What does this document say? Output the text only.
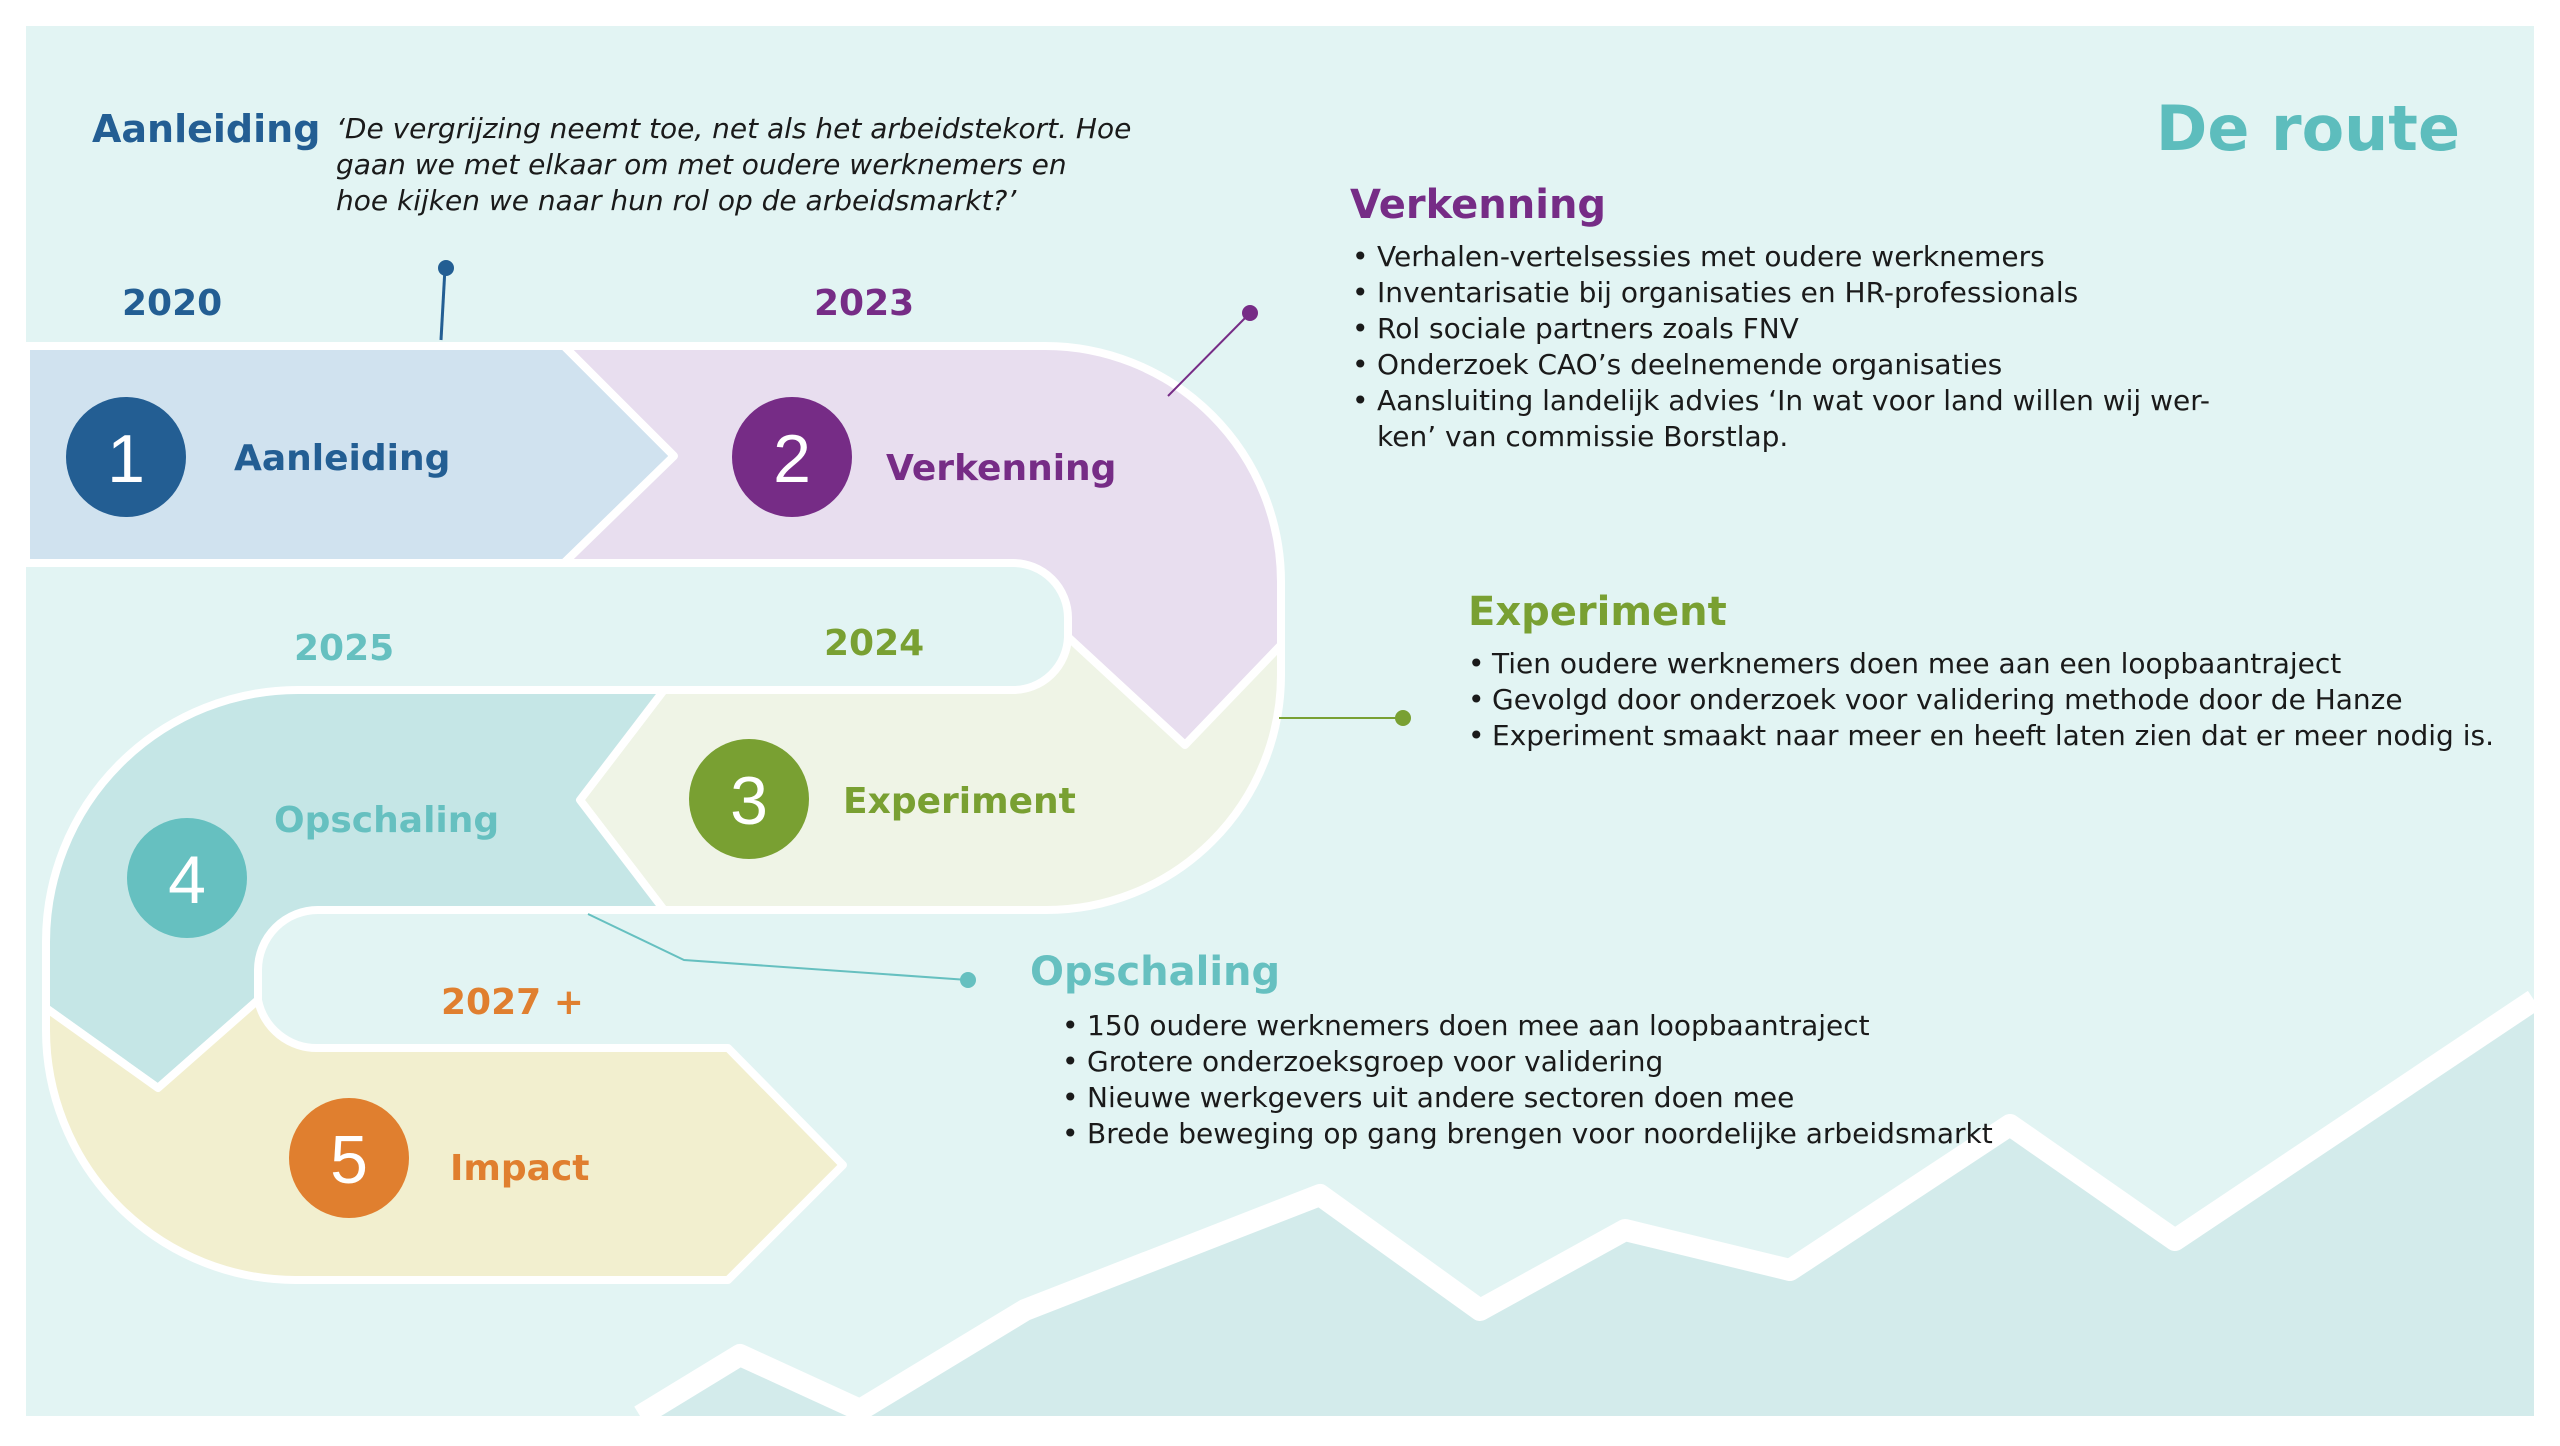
De route
Aanleiding ‘De vergrijzing neemt toe, net als het arbeidstekort. Hoe
gaan we met elkaar om met oudere werknemers en
hoe kijken we naar hun rol op de arbeidsmarkt?’
2020	2023
2024
2025
2027 +
1 Aanleiding	2 Verkenning
3 Experiment
4
Opschaling
5 Impact
Verkenning
• Verhalen-vertelsessies met oudere werknemers
• Inventarisatie bij organisaties en HR-professionals
• Rol sociale partners zoals FNV
• Onderzoek CAO’s deelnemende organisaties
• Aansluiting landelijk advies ‘In wat voor land willen wij wer-
ken’ van commissie Borstlap.
Experiment
• Tien oudere werknemers doen mee aan een loopbaantraject
• Gevolgd door onderzoek voor validering methode door de Hanze
• Experiment smaakt naar meer en heeft laten zien dat er meer nodig is.
Opschaling
• 150 oudere werknemers doen mee aan loopbaantraject
• Grotere onderzoeksgroep voor validering
• Nieuwe werkgevers uit andere sectoren doen mee
• Brede beweging op gang brengen voor noordelijke arbeidsmarkt
